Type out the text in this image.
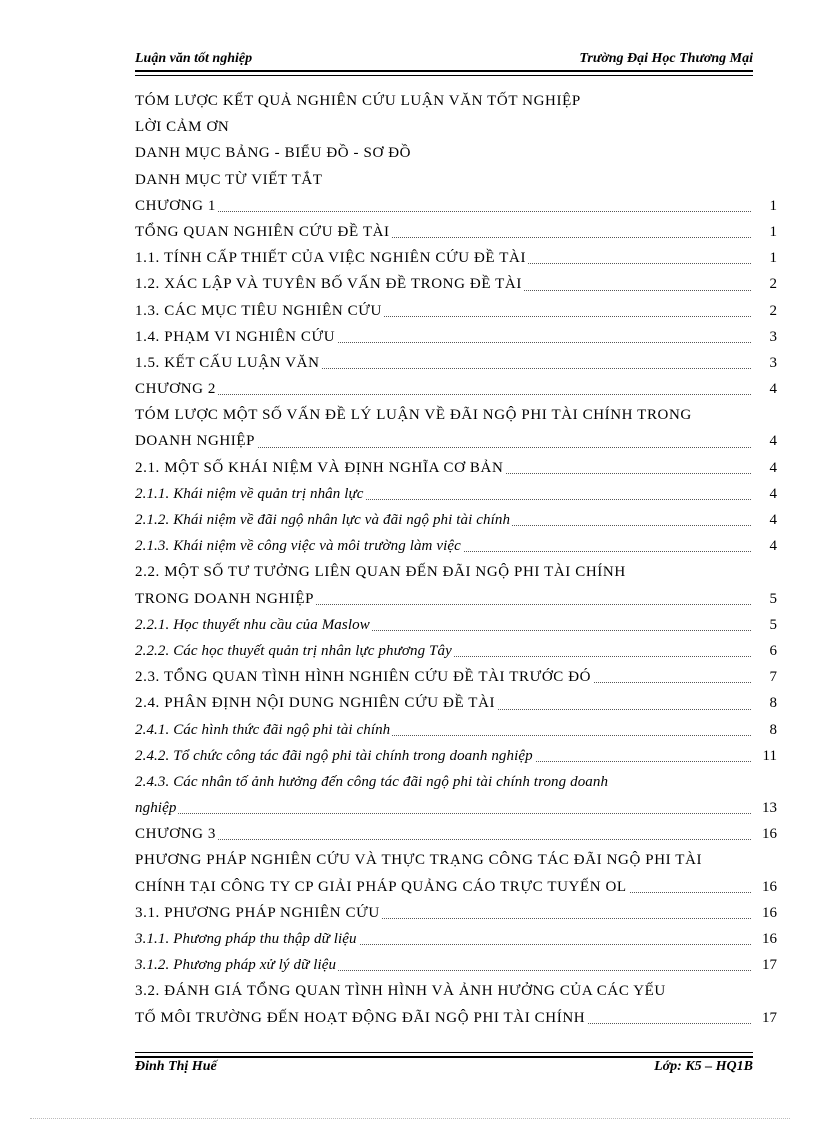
Luận văn tốt nghiệp	Trường Đại Học Thương Mại
TÓM LƯỢC KẾT QUẢ NGHIÊN CỨU LUẬN VĂN TỐT NGHIỆP
LỜI CẢM ƠN
DANH MỤC BẢNG - BIỂU ĐỒ - SƠ ĐỒ
DANH MỤC TỪ VIẾT TẮT
CHƯƠNG 1	1
TỔNG QUAN NGHIÊN CỨU ĐỀ TÀI	1
1.1. TÍNH CẤP THIẾT CỦA VIỆC NGHIÊN CỨU ĐỀ TÀI	1
1.2. XÁC LẬP VÀ TUYÊN BỐ VẤN ĐỀ TRONG ĐỀ TÀI	2
1.3. CÁC MỤC TIÊU NGHIÊN CỨU	2
1.4. PHẠM VI NGHIÊN CỨU	3
1.5. KẾT CẤU LUẬN VĂN	3
CHƯƠNG 2	4
TÓM LƯỢC MỘT SỐ VẤN ĐỀ LÝ LUẬN VỀ ĐÃI NGỘ PHI TÀI CHÍNH TRONG
DOANH NGHIỆP	4
2.1. MỘT SỐ KHÁI NIỆM VÀ ĐỊNH NGHĨA CƠ BẢN	4
2.1.1. Khái niệm về quản trị nhân lực	4
2.1.2. Khái niệm về đãi ngộ nhân lực và đãi ngộ phi tài chính	4
2.1.3. Khái niệm về công việc và môi trường làm việc	4
2.2. MỘT SỐ TƯ TƯỞNG LIÊN QUAN ĐẾN ĐÃI NGỘ PHI TÀI CHÍNH
TRONG DOANH NGHIỆP	5
2.2.1. Học thuyết nhu cầu của Maslow	5
2.2.2. Các học thuyết quản trị nhân lực phương Tây	6
2.3. TỔNG QUAN TÌNH HÌNH NGHIÊN CỨU ĐỀ TÀI TRƯỚC ĐÓ	7
2.4. PHÂN ĐỊNH NỘI DUNG NGHIÊN CỨU ĐỀ TÀI	8
2.4.1. Các hình thức đãi ngộ phi tài chính	8
2.4.2. Tổ chức công tác đãi ngộ phi tài chính trong doanh nghiệp	11
2.4.3. Các nhân tố ảnh hưởng đến công tác đãi ngộ phi tài chính trong doanh
nghiệp	13
CHƯƠNG 3	16
PHƯƠNG PHÁP NGHIÊN CỨU VÀ THỰC TRẠNG CÔNG TÁC ĐÃI NGỘ PHI TÀI
CHÍNH TẠI CÔNG TY CP GIẢI PHÁP QUẢNG CÁO TRỰC TUYẾN OL	16
3.1. PHƯƠNG PHÁP NGHIÊN CỨU	16
3.1.1. Phương pháp thu thập dữ liệu	16
3.1.2. Phương pháp xử lý dữ liệu	17
3.2. ĐÁNH GIÁ TỔNG QUAN TÌNH HÌNH VÀ ẢNH HƯỞNG CỦA CÁC YẾU
TỐ MÔI TRƯỜNG ĐẾN HOẠT ĐỘNG ĐÃI NGỘ PHI TÀI CHÍNH	17
Đinh Thị Huế	Lớp: K5 – HQ1B
